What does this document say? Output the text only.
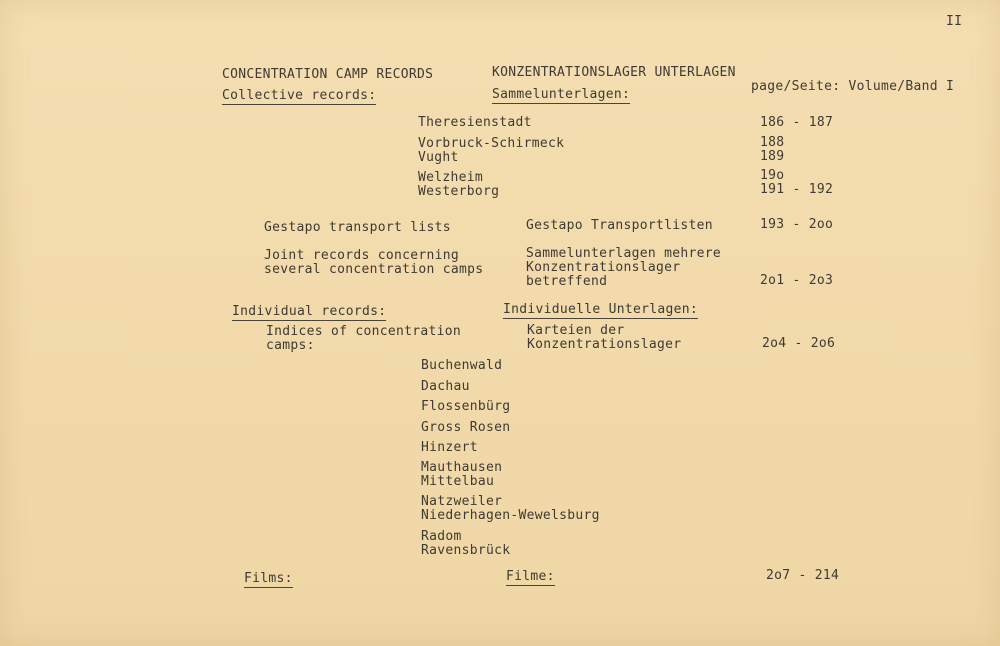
II
CONCENTRATION CAMP RECORDS	KONZENTRATIONSLAGER UNTERLAGEN
page/Seite: Volume/Band I
Collective records:	Sammelunterlagen:
Theresienstadt	186 - 187
Vorbruck-Schirmeck	188
Vught	189
Welzheim	19o
Westerborg	191 - 192
Gestapo transport lists	Gestapo Transportlisten	193 - 2oo
Joint records concerning
several concentration camps
Sammelunterlagen mehrere
Konzentrationslager
betreffend	2o1 - 2o3
Individual records:	Individuelle Unterlagen:
Indices of concentration
camps:
Karteien der
Konzentrationslager	2o4 - 2o6
Buchenwald
Dachau
Flossenbürg
Gross Rosen
Hinzert
Mauthausen
Mittelbau
Natzweiler
Niederhagen-Wewelsburg
Radom
Ravensbrück
Films:	Filme:	2o7 - 214
